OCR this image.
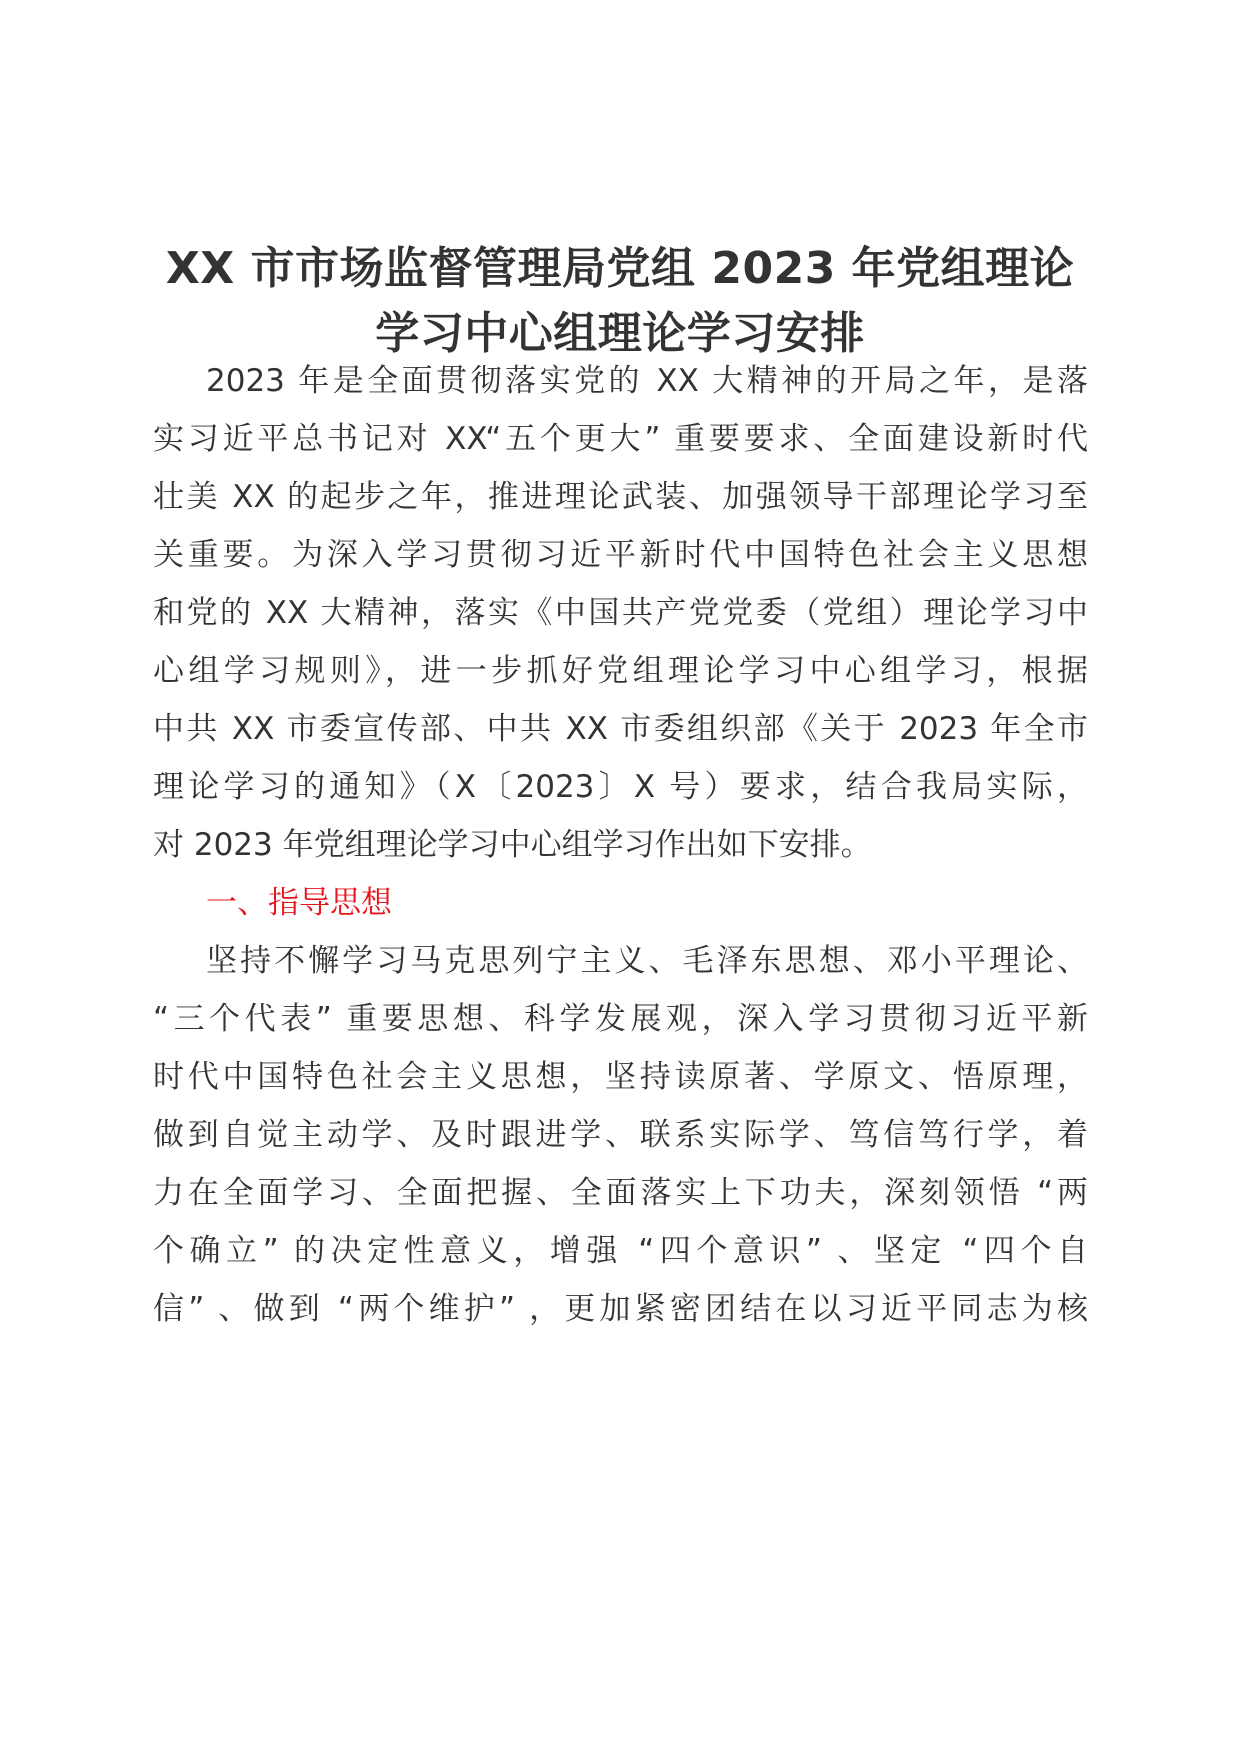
XX 市市场监督管理局党组 2023 年党组理论
学习中心组理论学习安排
2023 年是全面贯彻落实党的 XX 大精神的开局之年，是落
实习近平总书记对 XX“五个更大” 重要要求、全面建设新时代
壮美 XX 的起步之年，推进理论武装、加强领导干部理论学习至
关重要。为深入学习贯彻习近平新时代中国特色社会主义思想
和党的 XX 大精神，落实《中国共产党党委（党组）理论学习中
心组学习规则》，进一步抓好党组理论学习中心组学习，根据
中共 XX 市委宣传部、中共 XX 市委组织部《关于 2023 年全市
理论学习的通知》（X〔2023〕X 号）要求，结合我局实际，
对 2023 年党组理论学习中心组学习作出如下安排。
一、指导思想
坚持不懈学习马克思列宁主义、毛泽东思想、邓小平理论、
“三个代表” 重要思想、科学发展观，深入学习贯彻习近平新
时代中国特色社会主义思想，坚持读原著、学原文、悟原理，
做到自觉主动学、及时跟进学、联系实际学、笃信笃行学，着
力在全面学习、全面把握、全面落实上下功夫，深刻领悟 “两
个确立” 的决定性意义，增强 “四个意识” 、坚定 “四个自
信” 、做到 “两个维护” ，更加紧密团结在以习近平同志为核
